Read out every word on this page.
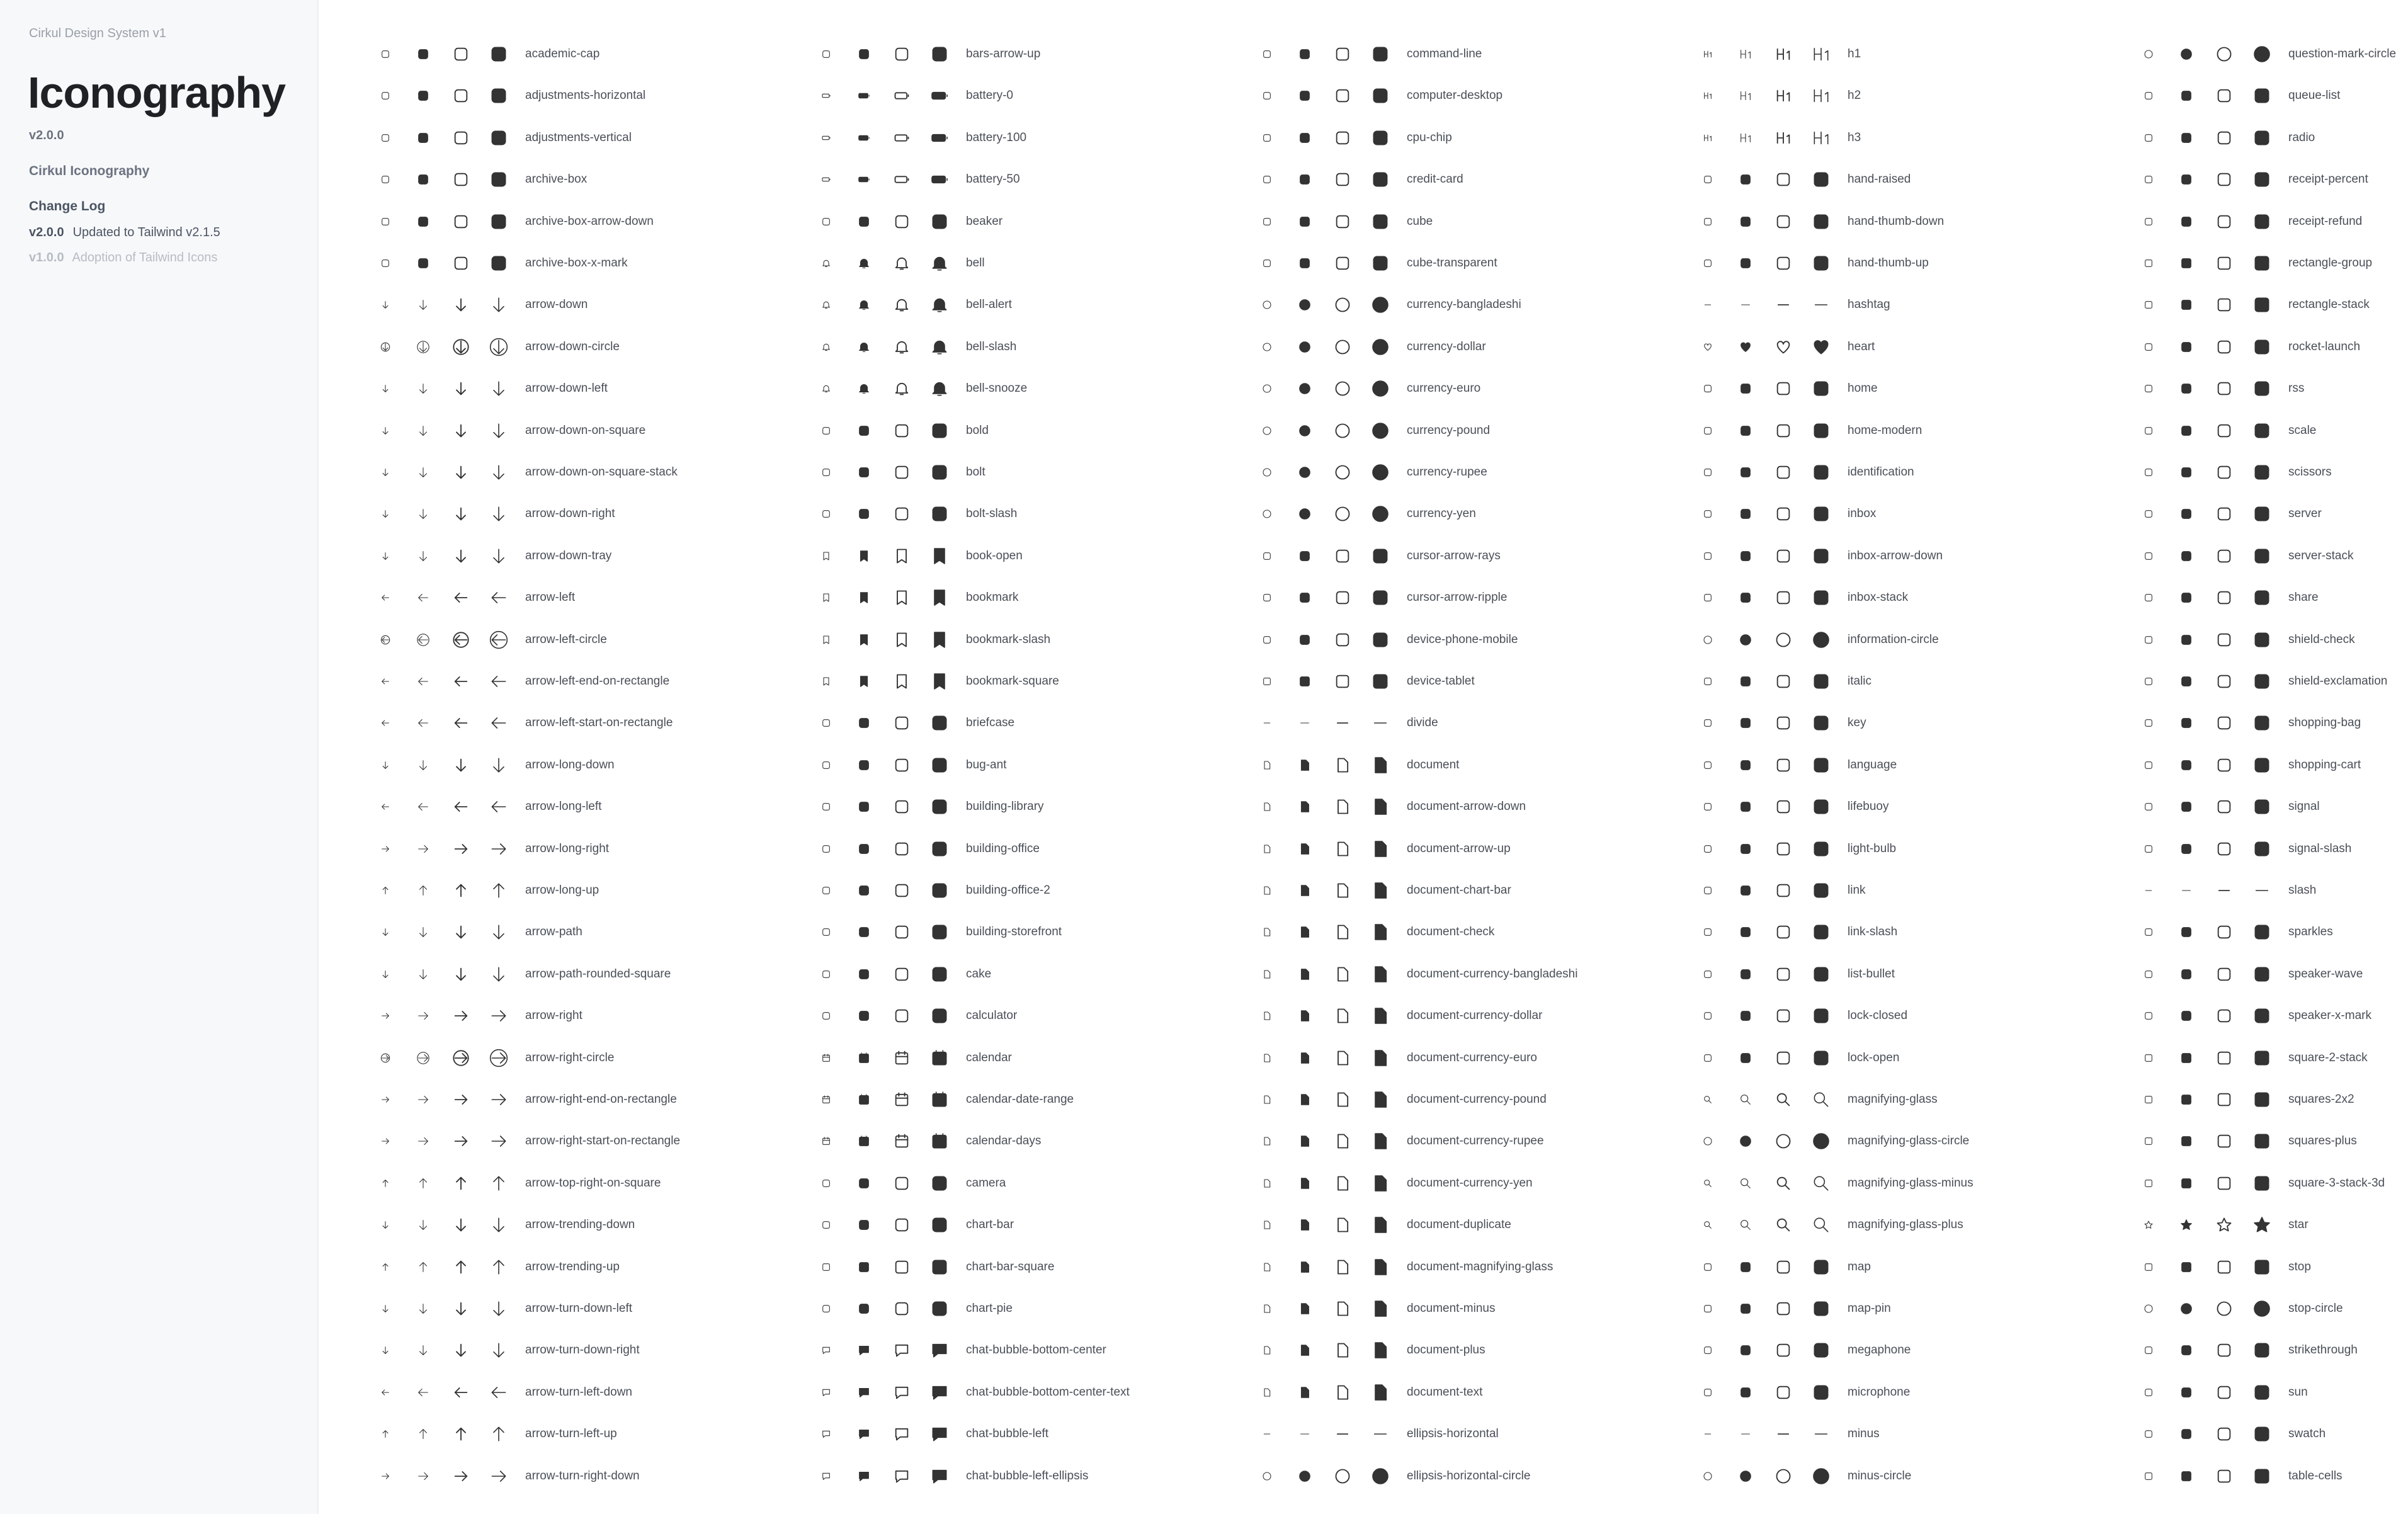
Cirkul Design System v1
Iconography
v2.0.0
Cirkul Iconography
Change Log
v2.0.0 Updated to Tailwind v2.1.5
v1.0.0 Adoption of Tailwind Icons
academic-cap
adjustments-horizontal
adjustments-vertical
archive-box
archive-box-arrow-down
archive-box-x-mark
arrow-down
arrow-down-circle
arrow-down-left
arrow-down-on-square
arrow-down-on-square-stack
arrow-down-right
arrow-down-tray
arrow-left
arrow-left-circle
arrow-left-end-on-rectangle
arrow-left-start-on-rectangle
arrow-long-down
arrow-long-left
arrow-long-right
arrow-long-up
arrow-path
arrow-path-rounded-square
arrow-right
arrow-right-circle
arrow-right-end-on-rectangle
arrow-right-start-on-rectangle
arrow-top-right-on-square
arrow-trending-down
arrow-trending-up
arrow-turn-down-left
arrow-turn-down-right
arrow-turn-left-down
arrow-turn-left-up
arrow-turn-right-down
bars-arrow-up
battery-0
battery-100
battery-50
beaker
bell
bell-alert
bell-slash
bell-snooze
bold
bolt
bolt-slash
book-open
bookmark
bookmark-slash
bookmark-square
briefcase
bug-ant
building-library
building-office
building-office-2
building-storefront
cake
calculator
calendar
calendar-date-range
calendar-days
camera
chart-bar
chart-bar-square
chart-pie
chat-bubble-bottom-center
chat-bubble-bottom-center-text
chat-bubble-left
chat-bubble-left-ellipsis
command-line
computer-desktop
cpu-chip
credit-card
cube
cube-transparent
currency-bangladeshi
currency-dollar
currency-euro
currency-pound
currency-rupee
currency-yen
cursor-arrow-rays
cursor-arrow-ripple
device-phone-mobile
device-tablet
divide
document
document-arrow-down
document-arrow-up
document-chart-bar
document-check
document-currency-bangladeshi
document-currency-dollar
document-currency-euro
document-currency-pound
document-currency-rupee
document-currency-yen
document-duplicate
document-magnifying-glass
document-minus
document-plus
document-text
ellipsis-horizontal
ellipsis-horizontal-circle
h1
h2
h3
hand-raised
hand-thumb-down
hand-thumb-up
hashtag
heart
home
home-modern
identification
inbox
inbox-arrow-down
inbox-stack
information-circle
italic
key
language
lifebuoy
light-bulb
link
link-slash
list-bullet
lock-closed
lock-open
magnifying-glass
magnifying-glass-circle
magnifying-glass-minus
magnifying-glass-plus
map
map-pin
megaphone
microphone
minus
minus-circle
question-mark-circle
queue-list
radio
receipt-percent
receipt-refund
rectangle-group
rectangle-stack
rocket-launch
rss
scale
scissors
server
server-stack
share
shield-check
shield-exclamation
shopping-bag
shopping-cart
signal
signal-slash
slash
sparkles
speaker-wave
speaker-x-mark
square-2-stack
squares-2x2
squares-plus
square-3-stack-3d
star
stop
stop-circle
strikethrough
sun
swatch
table-cells
